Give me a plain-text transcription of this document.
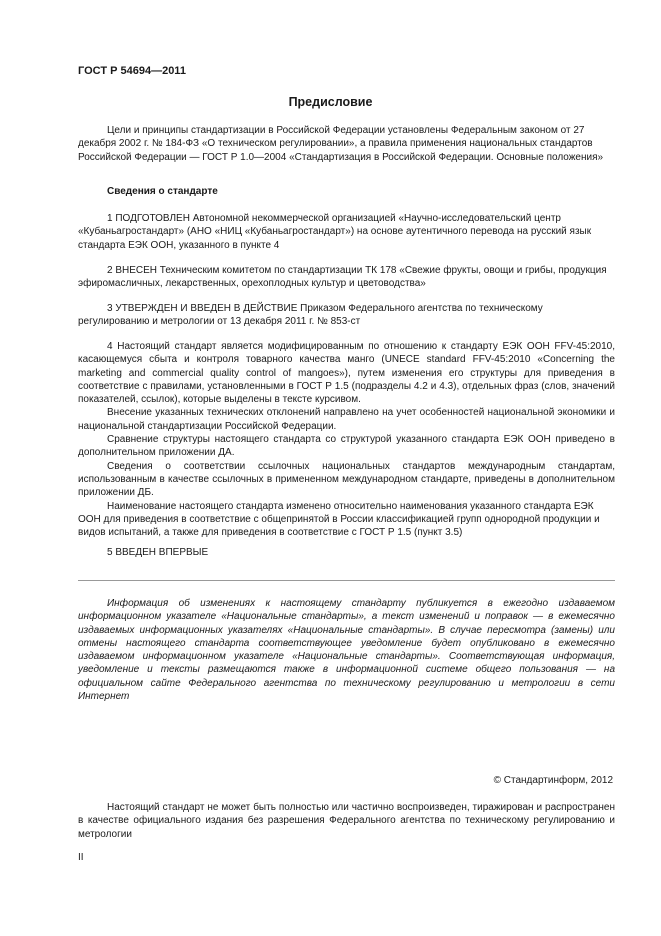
ГОСТ Р 54694—2011
Предисловие

Цели и принципы стандартизации в Российской Федерации установлены Федеральным законом от 27 декабря 2002 г. № 184-ФЗ «О техническом регулировании», а правила применения национальных стандартов Российской Федерации — ГОСТ Р 1.0—2004 «Стандартизация в Российской Федерации. Основные положения»

Сведения о стандарте

1 ПОДГОТОВЛЕН Автономной некоммерческой организацией «Научно-исследовательский центр «Кубаньагростандарт» (АНО «НИЦ «Кубаньагростандарт») на основе аутентичного перевода на русский язык стандарта ЕЭК ООН, указанного в пункте 4

2 ВНЕСЕН Техническим комитетом по стандартизации ТК 178 «Свежие фрукты, овощи и грибы, продукция эфиромасличных, лекарственных, орехоплодных культур и цветоводства»

3 УТВЕРЖДЕН И ВВЕДЕН В ДЕЙСТВИЕ Приказом Федерального агентства по техническому регулированию и метрологии от 13 декабря 2011 г. № 853-ст

4 Настоящий стандарт является модифицированным по отношению к стандарту ЕЭК ООН FFV-45:2010, касающемуся сбыта и контроля товарного качества манго (UNECE standard FFV-45:2010 «Concerning the marketing and commercial quality control of mangoes»), путем изменения его структуры для приведения в соответствие с правилами, установленными в ГОСТ Р 1.5 (подразделы 4.2 и 4.3), отдельных фраз (слов, значений показателей, ссылок), которые выделены в тексте курсивом.

Внесение указанных технических отклонений направлено на учет особенностей национальной экономики и национальной стандартизации Российской Федерации.

Сравнение структуры настоящего стандарта со структурой указанного стандарта ЕЭК ООН приведено в дополнительном приложении ДА.

Сведения о соответствии ссылочных национальных стандартов международным стандартам, использованным в качестве ссылочных в примененном международном стандарте, приведены в дополнительном приложении ДБ.

Наименование настоящего стандарта изменено относительно наименования указанного стандарта ЕЭК ООН для приведения в соответствие с общепринятой в России классификацией групп однородной продукции и видов испытаний, а также для приведения в соответствие с ГОСТ Р 1.5 (пункт 3.5)

5 ВВЕДЕН ВПЕРВЫЕ

Информация об изменениях к настоящему стандарту публикуется в ежегодно издаваемом информационном указателе «Национальные стандарты», а текст изменений и поправок — в ежемесячно издаваемых информационных указателях «Национальные стандарты». В случае пересмотра (замены) или отмены настоящего стандарта соответствующее уведомление будет опубликовано в ежемесячно издаваемом информационном указателе «Национальные стандарты». Соответствующая информация, уведомление и тексты размещаются также в информационной системе общего пользования — на официальном сайте Федерального агентства по техническому регулированию и метрологии в сети Интернет

© Стандартинформ, 2012

Настоящий стандарт не может быть полностью или частично воспроизведен, тиражирован и распространен в качестве официального издания без разрешения Федерального агентства по техническому регулированию и метрологии

II
